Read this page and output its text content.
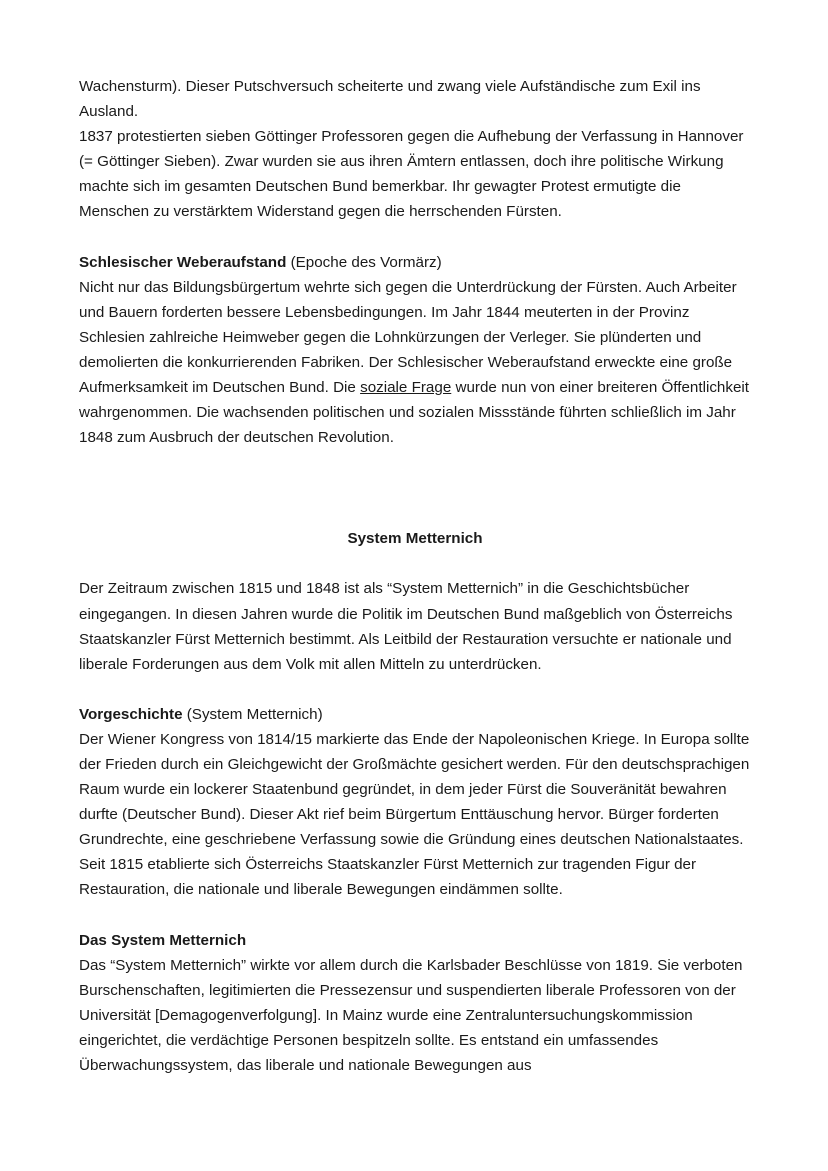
Wachensturm). Dieser Putschversuch scheiterte und zwang viele Aufständische zum Exil ins Ausland.

1837 protestierten sieben Göttinger Professoren gegen die Aufhebung der Verfassung in Hannover (= Göttinger Sieben). Zwar wurden sie aus ihren Ämtern entlassen, doch ihre politische Wirkung machte sich im gesamten Deutschen Bund bemerkbar. Ihr gewagter Protest ermutigte die Menschen zu verstärktem Widerstand gegen die herrschenden Fürsten.

Schlesischer Weberaufstand (Epoche des Vormärz)
Nicht nur das Bildungsbürgertum wehrte sich gegen die Unterdrückung der Fürsten. Auch Arbeiter und Bauern forderten bessere Lebensbedingungen. Im Jahr 1844 meuterten in der Provinz Schlesien zahlreiche Heimweber gegen die Lohnkürzungen der Verleger. Sie plünderten und demolierten die konkurrierenden Fabriken. Der Schlesischer Weberaufstand erweckte eine große Aufmerksamkeit im Deutschen Bund. Die soziale Frage wurde nun von einer breiteren Öffentlichkeit wahrgenommen. Die wachsenden politischen und sozialen Missstände führten schließlich im Jahr 1848 zum Ausbruch der deutschen Revolution.

System Metternich

Der Zeitraum zwischen 1815 und 1848 ist als “System Metternich” in die Geschichtsbücher eingegangen. In diesen Jahren wurde die Politik im Deutschen Bund maßgeblich von Österreichs Staatskanzler Fürst Metternich bestimmt. Als Leitbild der Restauration versuchte er nationale und liberale Forderungen aus dem Volk mit allen Mitteln zu unterdrücken.

Vorgeschichte (System Metternich)
Der Wiener Kongress von 1814/15 markierte das Ende der Napoleonischen Kriege. In Europa sollte der Frieden durch ein Gleichgewicht der Großmächte gesichert werden. Für den deutschsprachigen Raum wurde ein lockerer Staatenbund gegründet, in dem jeder Fürst die Souveränität bewahren durfte (Deutscher Bund). Dieser Akt rief beim Bürgertum Enttäuschung hervor. Bürger forderten Grundrechte, eine geschriebene Verfassung sowie die Gründung eines deutschen Nationalstaates. Seit 1815 etablierte sich Österreichs Staatskanzler Fürst Metternich zur tragenden Figur der Restauration, die nationale und liberale Bewegungen eindämmen sollte.

Das System Metternich
Das “System Metternich” wirkte vor allem durch die Karlsbader Beschlüsse von 1819. Sie verboten Burschenschaften, legitimierten die Pressezensur und suspendierten liberale Professoren von der Universität [Demagogenverfolgung]. In Mainz wurde eine Zentraluntersuchungskommission eingerichtet, die verdächtige Personen bespitzeln sollte. Es entstand ein umfassendes Überwachungssystem, das liberale und nationale Bewegungen aus
